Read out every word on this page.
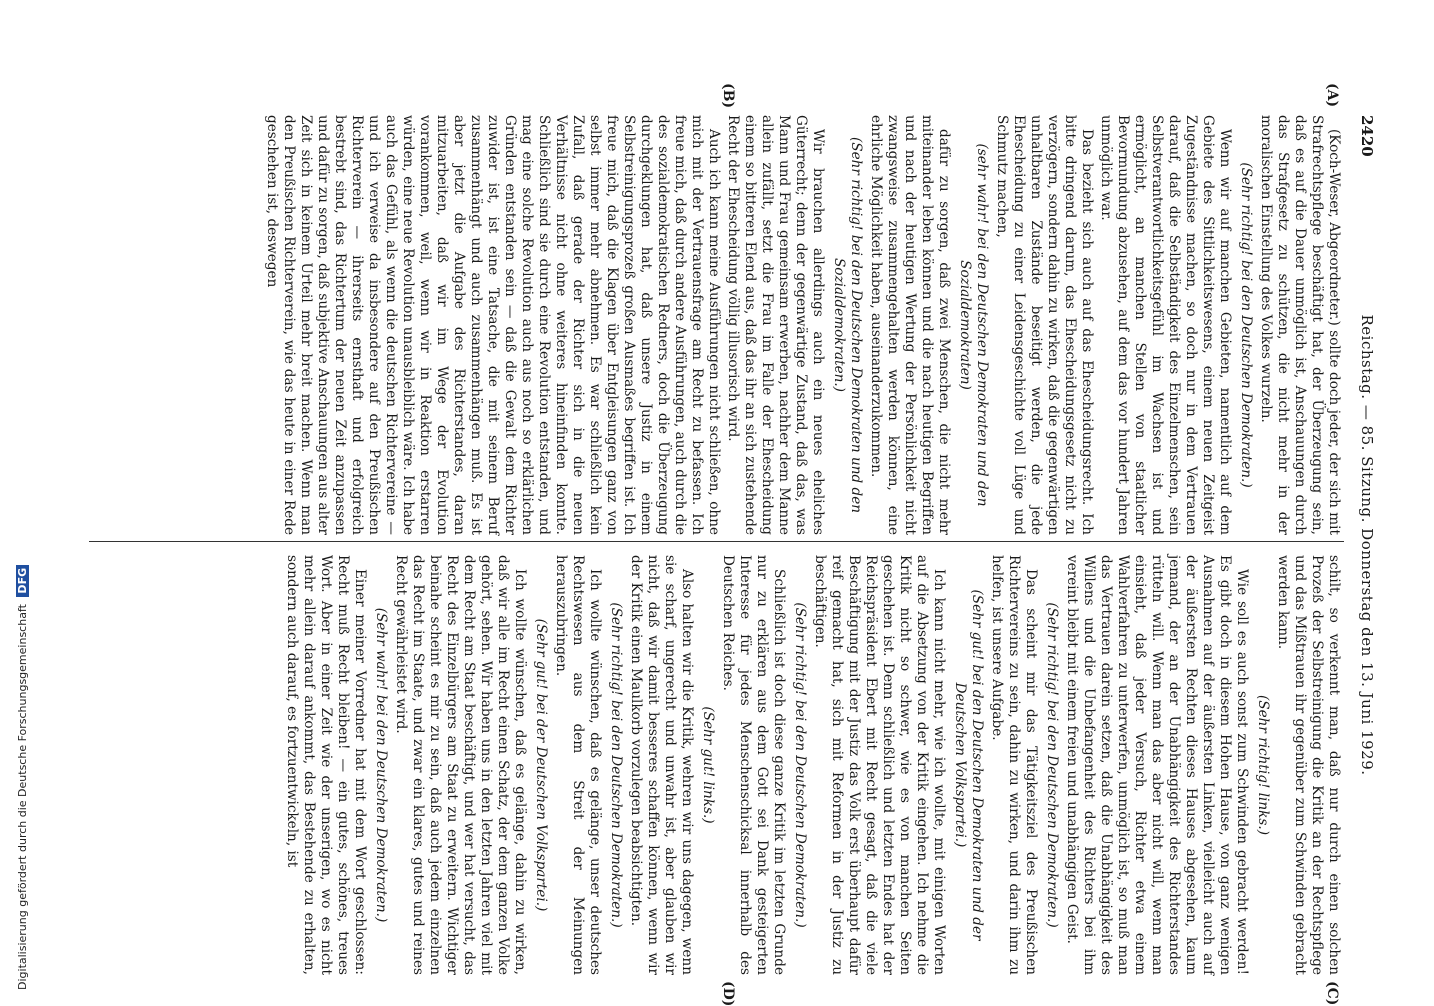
2420
Reichstag. — 85. Sitzung. Donnerstag den 13. Juni 1929.
(A)
(B)
(C)
(D)

(Koch-Weser, Abgeordneter.) sollte doch jeder, der sich mit Strafrechtspflege beschäftigt hat, der Überzeugung sein, daß es auf die Dauer unmöglich ist, Anschauungen durch das Strafgesetz zu schützen, die nicht mehr in der moralischen Einstellung des Volkes wurzeln.

(Sehr richtig! bei den Deutschen Demokraten.)

Wenn wir auf manchen Gebieten, namentlich auf dem Gebiete des Sittlichkeitswesens, einem neuen Zeitgeist Zugeständnisse machen, so doch nur in dem Vertrauen darauf, daß die Selbständigkeit des Einzelmenschen, sein Selbstverantwortlichkeitsgefühl im Wachsen ist und ermöglicht, an manchen Stellen von staatlicher Bevormundung abzusehen, auf dem das vor hundert Jahren unmöglich war.

Das bezieht sich auch auf das Ehescheidungsrecht. Ich bitte dringend darum, das Ehescheidungsgesetz nicht zu verzögern, sondern dahin zu wirken, daß die gegenwärtigen unhaltbaren Zustände beseitigt werden, die jede Ehescheidung zu einer Leidensgeschichte voll Lüge und Schmutz machen,

(sehr wahr! bei den Deutschen Demokraten und den Sozialdemokraten)

dafür zu sorgen, daß zwei Menschen, die nicht mehr miteinander leben können und die nach heutigen Begriffen und nach der heutigen Wertung der Persönlichkeit nicht zwangsweise zusammengehalten werden können, eine ehrliche Möglichkeit haben, auseinanderzukommen.

(Sehr richtig! bei den Deutschen Demokraten und den Sozialdemokraten.)

Wir brauchen allerdings auch ein neues eheliches Güterrecht; denn der gegenwärtige Zustand, daß das, was Mann und Frau gemeinsam erwerben, nachher dem Manne allein zufällt, setzt die Frau im Falle der Ehescheidung einem so bitteren Elend aus, daß das ihr an sich zustehende Recht der Ehescheidung völlig illusorisch wird.

Auch ich kann meine Ausführungen nicht schließen, ohne mich mit der Vertrauensfrage am Recht zu befassen. Ich freue mich, daß durch andere Ausführungen, auch durch die des sozialdemokratischen Redners, doch die Überzeugung durchgeklungen hat, daß unsere Justiz in einem Selbstreinigungsprozeß großen Ausmaßes begriffen ist. Ich freue mich, daß die Klagen über Entgleisungen ganz von selbst immer mehr abnehmen. Es war schließlich kein Zufall, daß gerade der Richter sich in die neuen Verhältnisse nicht ohne weiteres hineinfinden konnte. Schließlich sind sie durch eine Revolution entstanden, und mag eine solche Revolution auch aus noch so erklärlichen Gründen entstanden sein — daß die Gewalt dem Richter zuwider ist, ist eine Tatsache, die mit seinem Beruf zusammenhängt und auch zusammenhängen muß. Es ist aber jetzt die Aufgabe des Richterstandes, daran mitzuarbeiten, daß wir im Wege der Evolution vorankommen, weil, wenn wir in Reaktion erstarren würden, eine neue Revolution unausbleiblich wäre. Ich habe auch das Gefühl, als wenn die deutschen Richtervereine — und ich verweise da insbesondere auf den Preußischen Richterverein — ihrerseits ernsthaft und erfolgreich bestrebt sind, das Richtertum der neuen Zeit anzupassen und dafür zu sorgen, daß subjektive Anschauungen aus alter Zeit sich in keinem Urteil mehr breit machen. Wenn man den Preußischen Richterverein, wie das heute in einer Rede geschehen ist, deswegen

schilt, so verkennt man, daß nur durch einen solchen Prozeß der Selbstreinigung die Kritik an der Rechtspflege und das Mißtrauen ihr gegenüber zum Schwinden gebracht werden kann.

(Sehr richtig! links.)

Wie soll es auch sonst zum Schwinden gebracht werden! Es gibt doch in diesem Hohen Hause, von ganz wenigen Ausnahmen auf der äußersten Linken, vielleicht auch auf der äußersten Rechten dieses Hauses abgesehen, kaum jemand, der an der Unabhängigkeit des Richterstandes rütteln will. Wenn man das aber nicht will, wenn man einsieht, daß jeder Versuch, Richter etwa einem Wahlverfahren zu unterwerfen, unmöglich ist, so muß man das Vertrauen darein setzen, daß die Unabhängigkeit des Willens und die Unbefangenheit des Richters bei ihm vereint bleibt mit einem freien und unabhängigen Geist.

(Sehr richtig! bei den Deutschen Demokraten.)

Das scheint mir das Tätigkeitsziel des Preußischen Richtervereins zu sein, dahin zu wirken, und darin ihm zu helfen, ist unsere Aufgabe.

(Sehr gut! bei den Deutschen Demokraten und der Deutschen Volkspartei.)

Ich kann nicht mehr, wie ich wollte, mit einigen Worten auf die Absetzung von der Kritik eingehen. Ich nehme die Kritik nicht so schwer, wie es von manchen Seiten geschehen ist. Denn schließlich und letzten Endes hat der Reichspräsident Ebert mit Recht gesagt, daß die viele Beschäftigung mit der Justiz das Volk erst überhaupt dafür reif gemacht hat, sich mit Reformen in der Justiz zu beschäftigen.

(Sehr richtig! bei den Deutschen Demokraten.)

Schließlich ist doch diese ganze Kritik im letzten Grunde nur zu erklären aus dem Gott sei Dank gesteigerten Interesse für jedes Menschenschicksal innerhalb des Deutschen Reiches.

(Sehr gut! links.)

Also halten wir die Kritik, wehren wir uns dagegen, wenn sie scharf, ungerecht und unwahr ist, aber glauben wir nicht, daß wir damit besseres schaffen können, wenn wir der Kritik einen Maulkorb vorzulegen beabsichtigten.

(Sehr richtig! bei den Deutschen Demokraten.)

Ich wollte wünschen, daß es gelänge, unser deutsches Rechtswesen aus dem Streit der Meinungen herauszubringen.

(Sehr gut! bei der Deutschen Volkspartei.)

Ich wollte wünschen, daß es gelänge, dahin zu wirken, daß wir alle im Recht einen Schatz, der dem ganzen Volke gehört, sehen. Wir haben uns in den letzten Jahren viel mit dem Recht am Staat beschäftigt, und wer hat versucht, das Recht des Einzelbürgers am Staat zu erweitern. Wichtiger beinahe scheint es mir zu sein, daß auch jedem einzelnen das Recht im Staate, und zwar ein klares, gutes und reines Recht gewährleistet wird.

(Sehr wahr! bei den Deutschen Demokraten.)

Einer meiner Vorredner hat mit dem Wort geschlossen: Recht muß Recht bleiben! — ein gutes, schönes, treues Wort. Aber in einer Zeit wie der unserigen, wo es nicht mehr allein darauf ankommt, das Bestehende zu erhalten, sondern auch darauf, es fortzuentwickeln, ist

Digitalisierung gefördert durch die Deutsche Forschungsgemeinschaft DFG
